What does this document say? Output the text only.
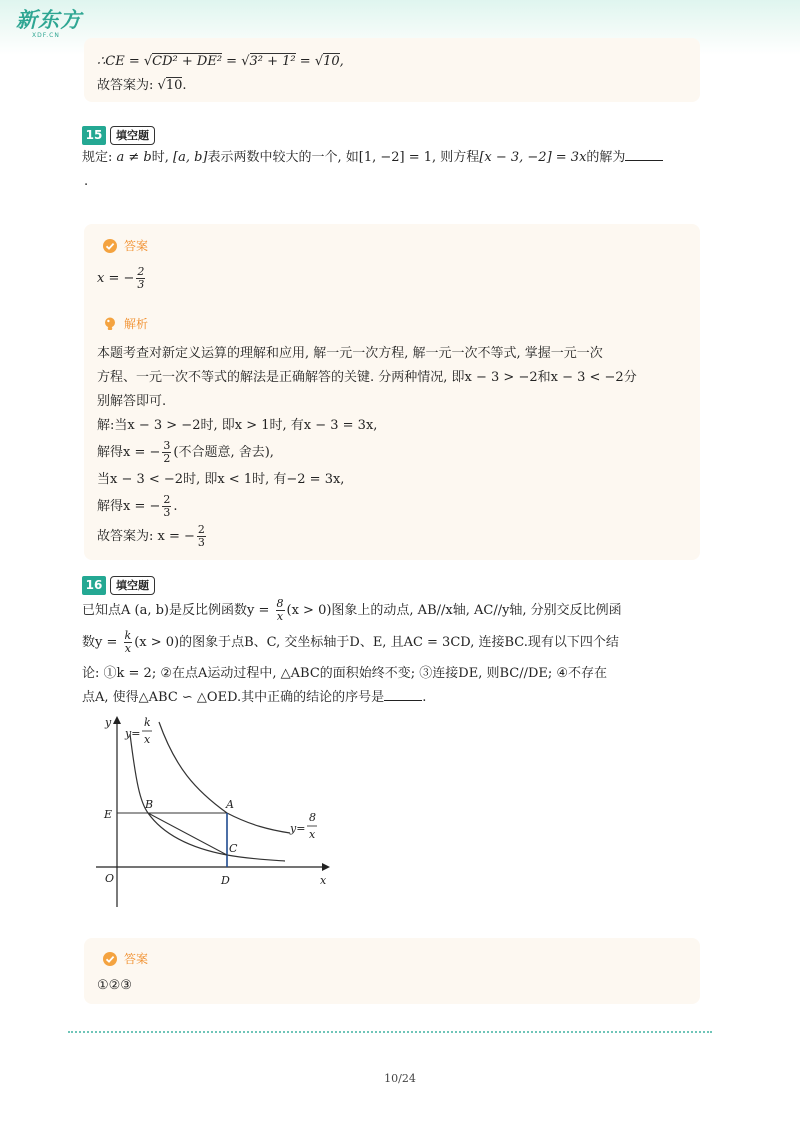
新东方
XDF.CN
∴CE = √CD² + DE² = √3² + 1² = √10,
故答案为: √10.
15	填空题
规定: a ≠ b时, [a, b]表示两数中较大的一个, 如[1, −2] = 1, 则方程[x − 3, −2] = 3x的解为
.
答案
x = − $\frac{2}{3}$
解析
本题考查对新定义运算的理解和应用, 解一元一次方程, 解一元一次不等式, 掌握一元一次
方程、一元一次不等式的解法是正确解答的关键. 分两种情况, 即x − 3 > −2和x − 3 < −2分
别解答即可.
解:当x − 3 > −2时, 即x > 1时, 有x − 3 = 3x,
解得x = − $\frac{3}{2}$ (不合题意, 舍去),
当x − 3 < −2时, 即x < 1时, 有−2 = 3x,
解得x = − $\frac{2}{3}$ .
故答案为: x = − $\frac{2}{3}$
16	填空题
已知点A (a, b)是反比例函数$y = \frac{8}{x} (x > 0)$图象上的动点, AB//x轴, AC//y轴, 分别交反比例函
数$y = \frac{k}{x} (x > 0)$的图象于点B、C, 交坐标轴于D、E, 且AC = 3CD, 连接BC.现有以下四个结
论: ①k = 2; ②在点A运动过程中, △ABC的面积始终不变; ③连接DE, 则BC//DE; ④不存在
点A, 使得△ABC ∽ △OED.其中正确的结论的序号是	.
y
x
O
E
B	A
C
D
y=
k
x
y=
8
x
答案
①②③
10/24
